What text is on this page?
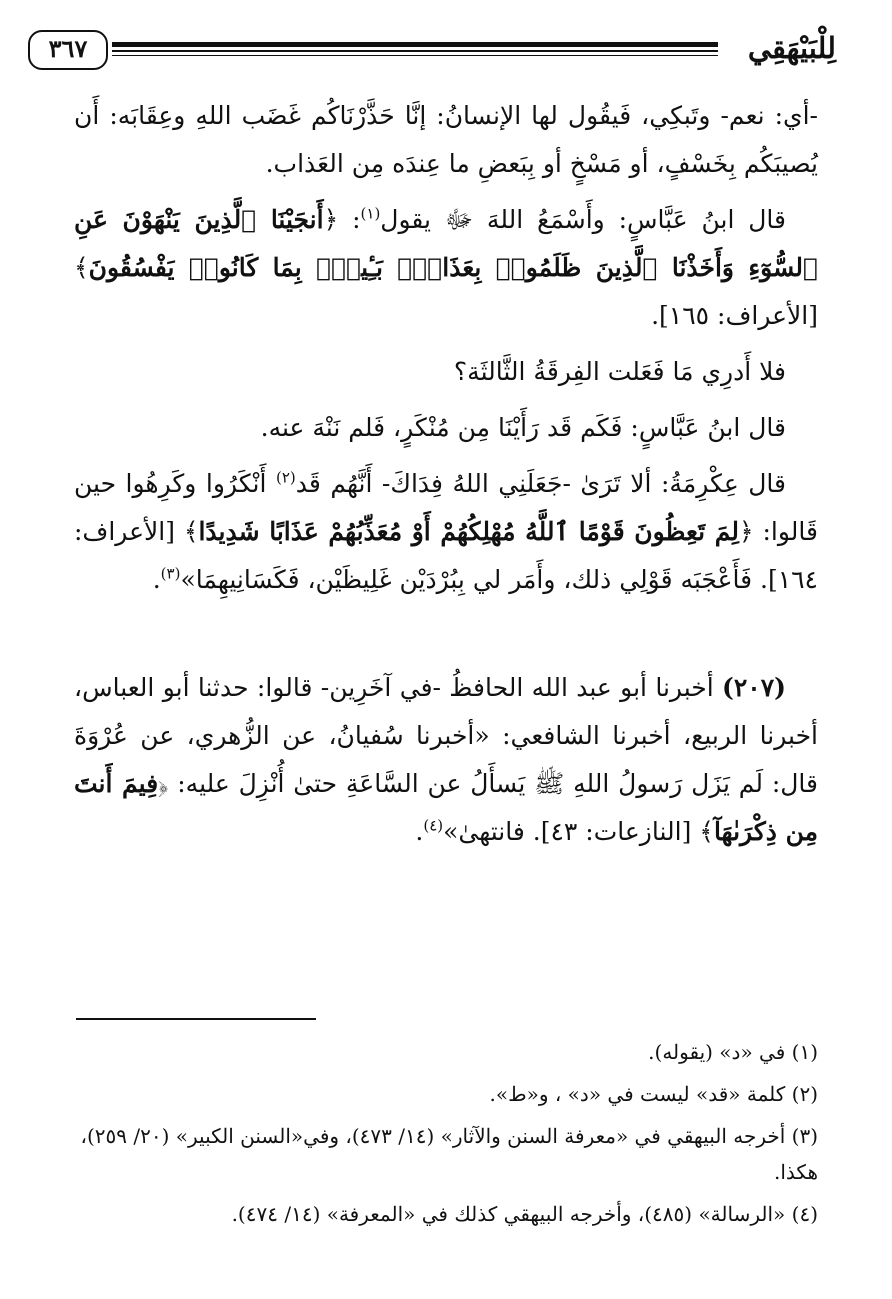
لِلْبَيْهَقِي
٣٦٧

-أي: نعم- وتَبكِي، فَيقُول لها الإنسانُ: إنَّا حَذَّرْنَاكُم غَضَب اللهِ وعِقَابَه: أَن يُصيبَكُم بِخَسْفٍ، أو مَسْخٍ أو بِبَعضِ ما عِندَه مِن العَذاب.

قال ابنُ عَبَّاسٍ: وأَسْمَعُ اللهَ ﷻ يقول$^{(١)}$: ﴿أَنجَيْنَا ٱلَّذِينَ يَنْهَوْنَ عَنِ ٱلسُّوٓءِ وَأَخَذْنَا ٱلَّذِينَ ظَلَمُوا۟ بِعَذَابٍۭ بَـِٔيسٍۭ بِمَا كَانُوا۟ يَفْسُقُونَ﴾ [الأعراف: ١٦٥].

فلا أَدرِي مَا فَعَلت الفِرقَةُ الثَّالثَة؟

قال ابنُ عَبَّاسٍ: فَكَم قَد رَأَيْنَا مِن مُنْكَرٍ، فَلم نَنْهَ عنه.

قال عِكْرِمَةُ: ألا تَرَىٰ -جَعَلَنِي اللهُ فِدَاكَ- أَنَّهُم قَد$^{(٢)}$ أَنْكَرُوا وكَرِهُوا حين قَالوا: ﴿لِمَ تَعِظُونَ قَوْمًا ٱللَّهُ مُهْلِكُهُمْ أَوْ مُعَذِّبُهُمْ عَذَابًا شَدِيدًا﴾ [الأعراف: ١٦٤]. فَأَعْجَبَه قَوْلِي ذلك، وأَمَر لي بِبُرْدَيْن غَلِيظَيْن، فَكَسَانِيهِمَا»$^{(٣)}$.

(٢٠٧) أخبرنا أبو عبد الله الحافظُ -في آخَرِين- قالوا: حدثنا أبو العباس، أخبرنا الربيع، أخبرنا الشافعي: «أخبرنا سُفيانُ، عن الزُّهري، عن عُرْوَةَ قال: لَم يَزَل رَسولُ اللهِ ﷺ يَسأَلُ عن السَّاعَةِ حتىٰ أُنْزِلَ عليه: ﴿فِيمَ أَنتَ مِن ذِكْرَىٰهَآ﴾ [النازعات: ٤٣]. فانتهىٰ»$^{(٤)}$.

(١) في «د» (يقوله).

(٢) كلمة «قد» ليست في «د» ، و«ط».

(٣) أخرجه البيهقي في «معرفة السنن والآثار» (١٤/ ٤٧٣)، وفي«السنن الكبير» (٢٠/ ٢٥٩)، هكذا.

(٤) «الرسالة» (٤٨٥)، وأخرجه البيهقي كذلك في «المعرفة» (١٤/ ٤٧٤).
